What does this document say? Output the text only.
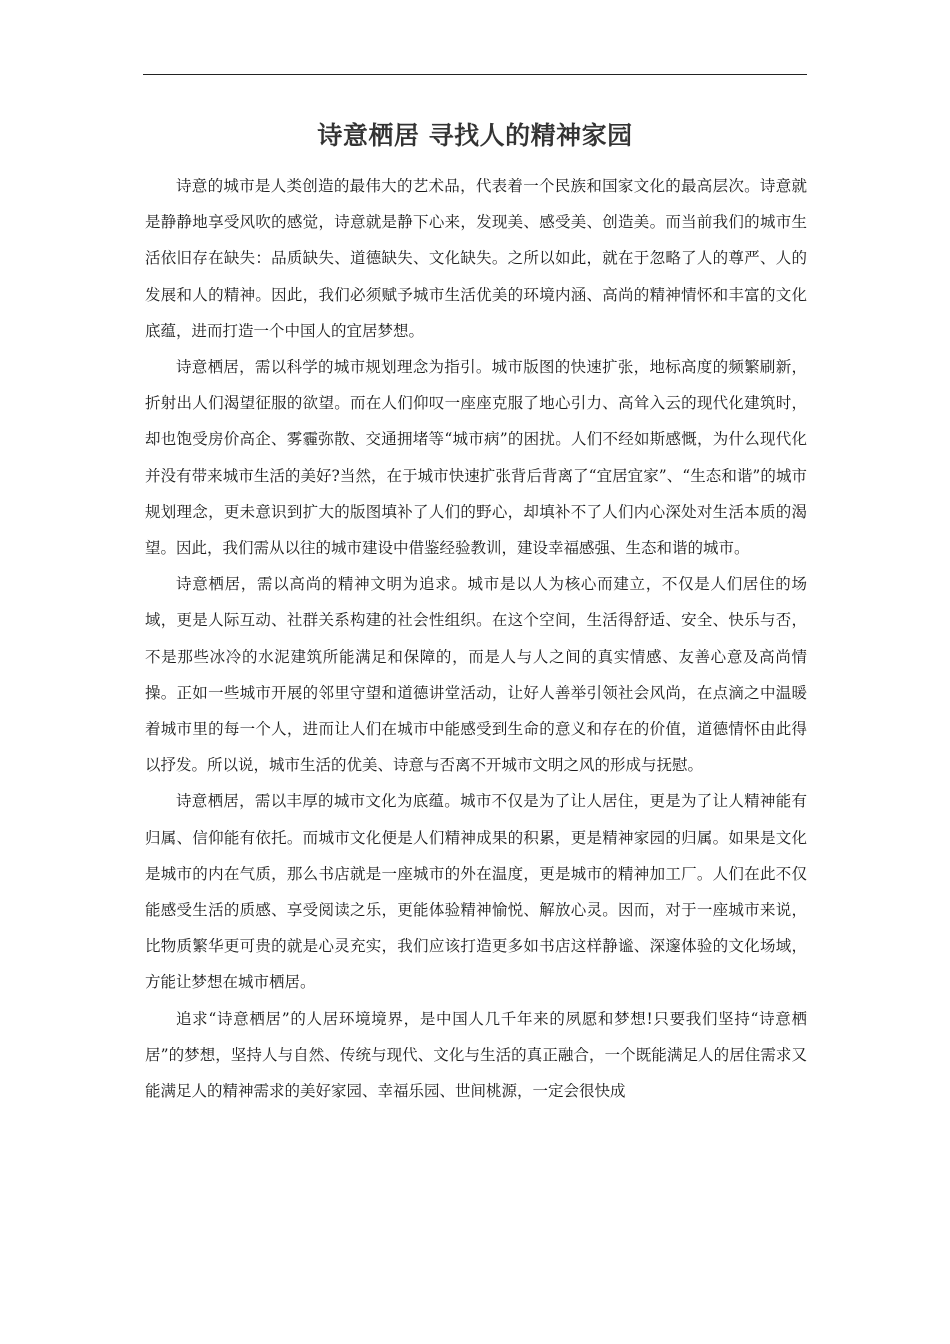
诗意栖居 寻找人的精神家园

诗意的城市是人类创造的最伟大的艺术品，代表着一个民族和国家文化的最高层次。诗意就是静静地享受风吹的感觉，诗意就是静下心来，发现美、感受美、创造美。而当前我们的城市生活依旧存在缺失：品质缺失、道德缺失、文化缺失。之所以如此，就在于忽略了人的尊严、人的发展和人的精神。因此，我们必须赋予城市生活优美的环境内涵、高尚的精神情怀和丰富的文化底蕴，进而打造一个中国人的宜居梦想。

诗意栖居，需以科学的城市规划理念为指引。城市版图的快速扩张，地标高度的频繁刷新，折射出人们渴望征服的欲望。而在人们仰叹一座座克服了地心引力、高耸入云的现代化建筑时，却也饱受房价高企、雾霾弥散、交通拥堵等“城市病”的困扰。人们不经如斯感慨，为什么现代化并没有带来城市生活的美好?当然，在于城市快速扩张背后背离了“宜居宜家”、“生态和谐”的城市规划理念，更未意识到扩大的版图填补了人们的野心，却填补不了人们内心深处对生活本质的渴望。因此，我们需从以往的城市建设中借鉴经验教训，建设幸福感强、生态和谐的城市。

诗意栖居，需以高尚的精神文明为追求。城市是以人为核心而建立，不仅是人们居住的场域，更是人际互动、社群关系构建的社会性组织。在这个空间，生活得舒适、安全、快乐与否，不是那些冰冷的水泥建筑所能满足和保障的，而是人与人之间的真实情感、友善心意及高尚情操。正如一些城市开展的邻里守望和道德讲堂活动，让好人善举引领社会风尚，在点滴之中温暖着城市里的每一个人，进而让人们在城市中能感受到生命的意义和存在的价值，道德情怀由此得以抒发。所以说，城市生活的优美、诗意与否离不开城市文明之风的形成与抚慰。

诗意栖居，需以丰厚的城市文化为底蕴。城市不仅是为了让人居住，更是为了让人精神能有归属、信仰能有依托。而城市文化便是人们精神成果的积累，更是精神家园的归属。如果是文化是城市的内在气质，那么书店就是一座城市的外在温度，更是城市的精神加工厂。人们在此不仅能感受生活的质感、享受阅读之乐，更能体验精神愉悦、解放心灵。因而，对于一座城市来说，比物质繁华更可贵的就是心灵充实，我们应该打造更多如书店这样静谧、深邃体验的文化场域，方能让梦想在城市栖居。

追求“诗意栖居”的人居环境境界，是中国人几千年来的夙愿和梦想!只要我们坚持“诗意栖居”的梦想，坚持人与自然、传统与现代、文化与生活的真正融合，一个既能满足人的居住需求又能满足人的精神需求的美好家园、幸福乐园、世间桃源，一定会很快成
